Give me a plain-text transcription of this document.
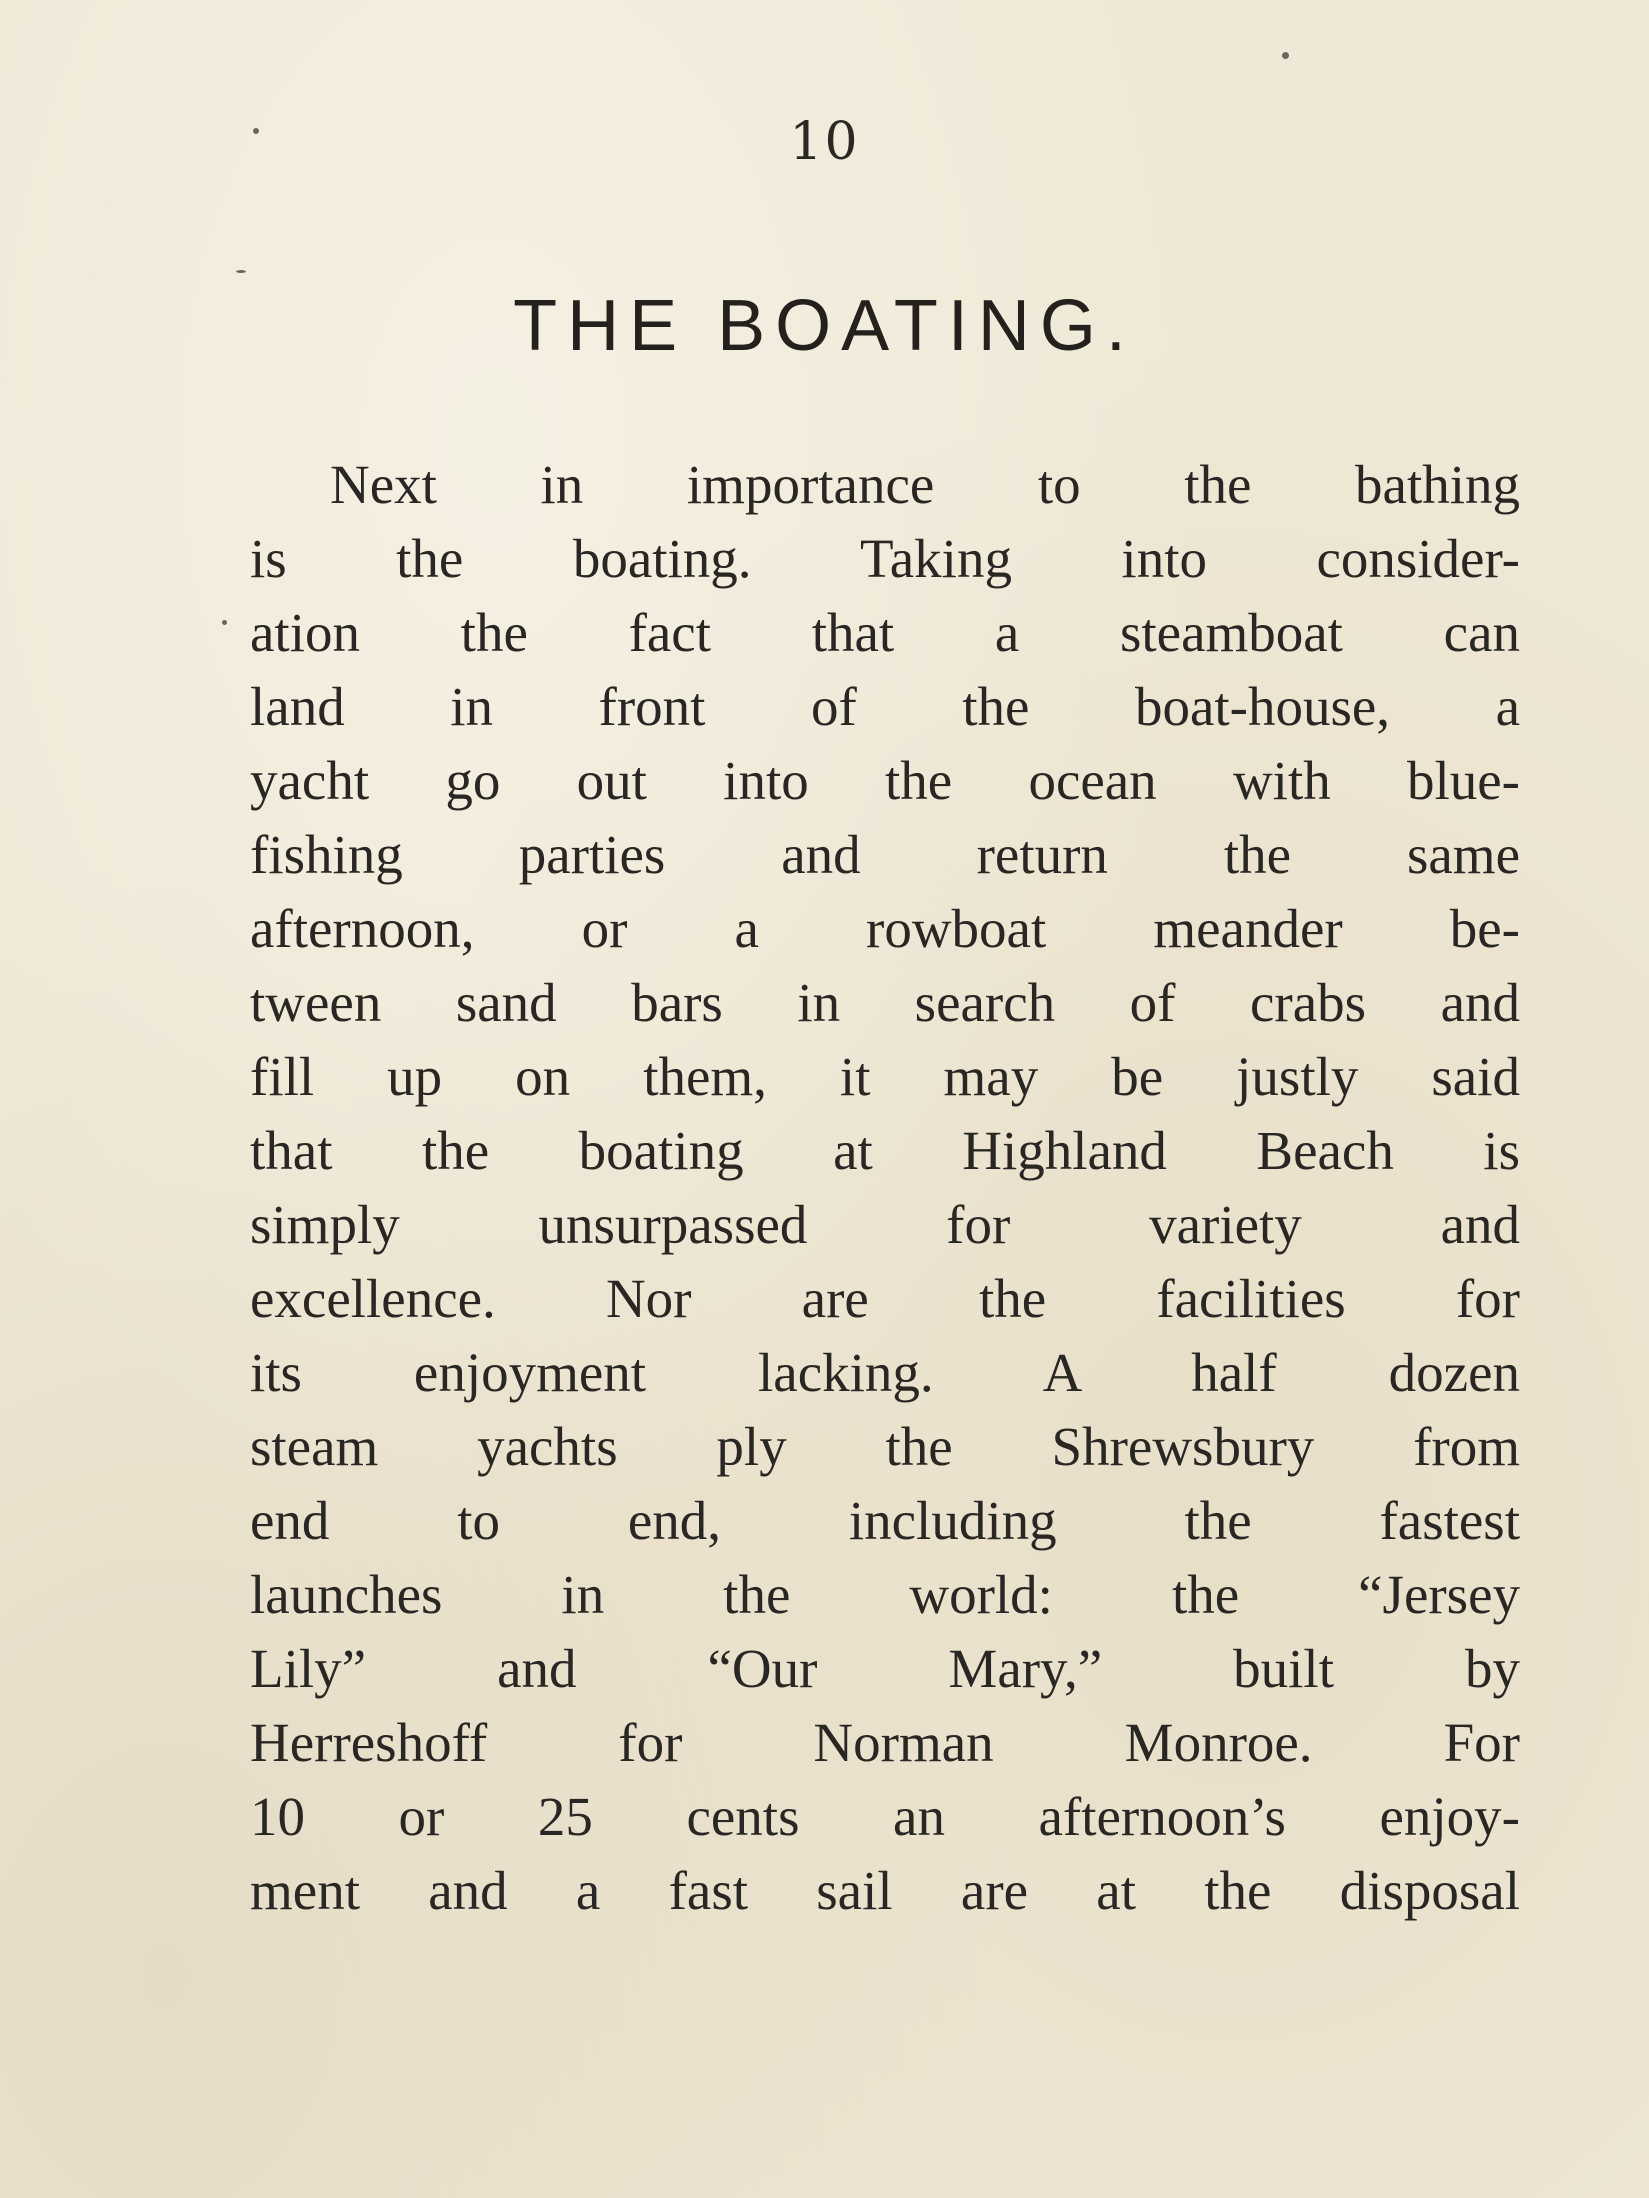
10
THE BOATING.
Next in importance to the bathing
is the boating. Taking into consider-
ation the fact that a steamboat can
land in front of the boat-house, a
yacht go out into the ocean with blue-
fishing parties and return the same
afternoon, or a rowboat meander be-
tween sand bars in search of crabs and
fill up on them, it may be justly said
that the boating at Highland Beach is
simply unsurpassed for variety and
excellence. Nor are the facilities for
its enjoyment lacking. A half dozen
steam yachts ply the Shrewsbury from
end to end, including the fastest
launches in the world: the “Jersey
Lily” and “Our Mary,” built by
Herreshoff for Norman Monroe. For
10 or 25 cents an afternoon’s enjoy-
ment and a fast sail are at the disposal
